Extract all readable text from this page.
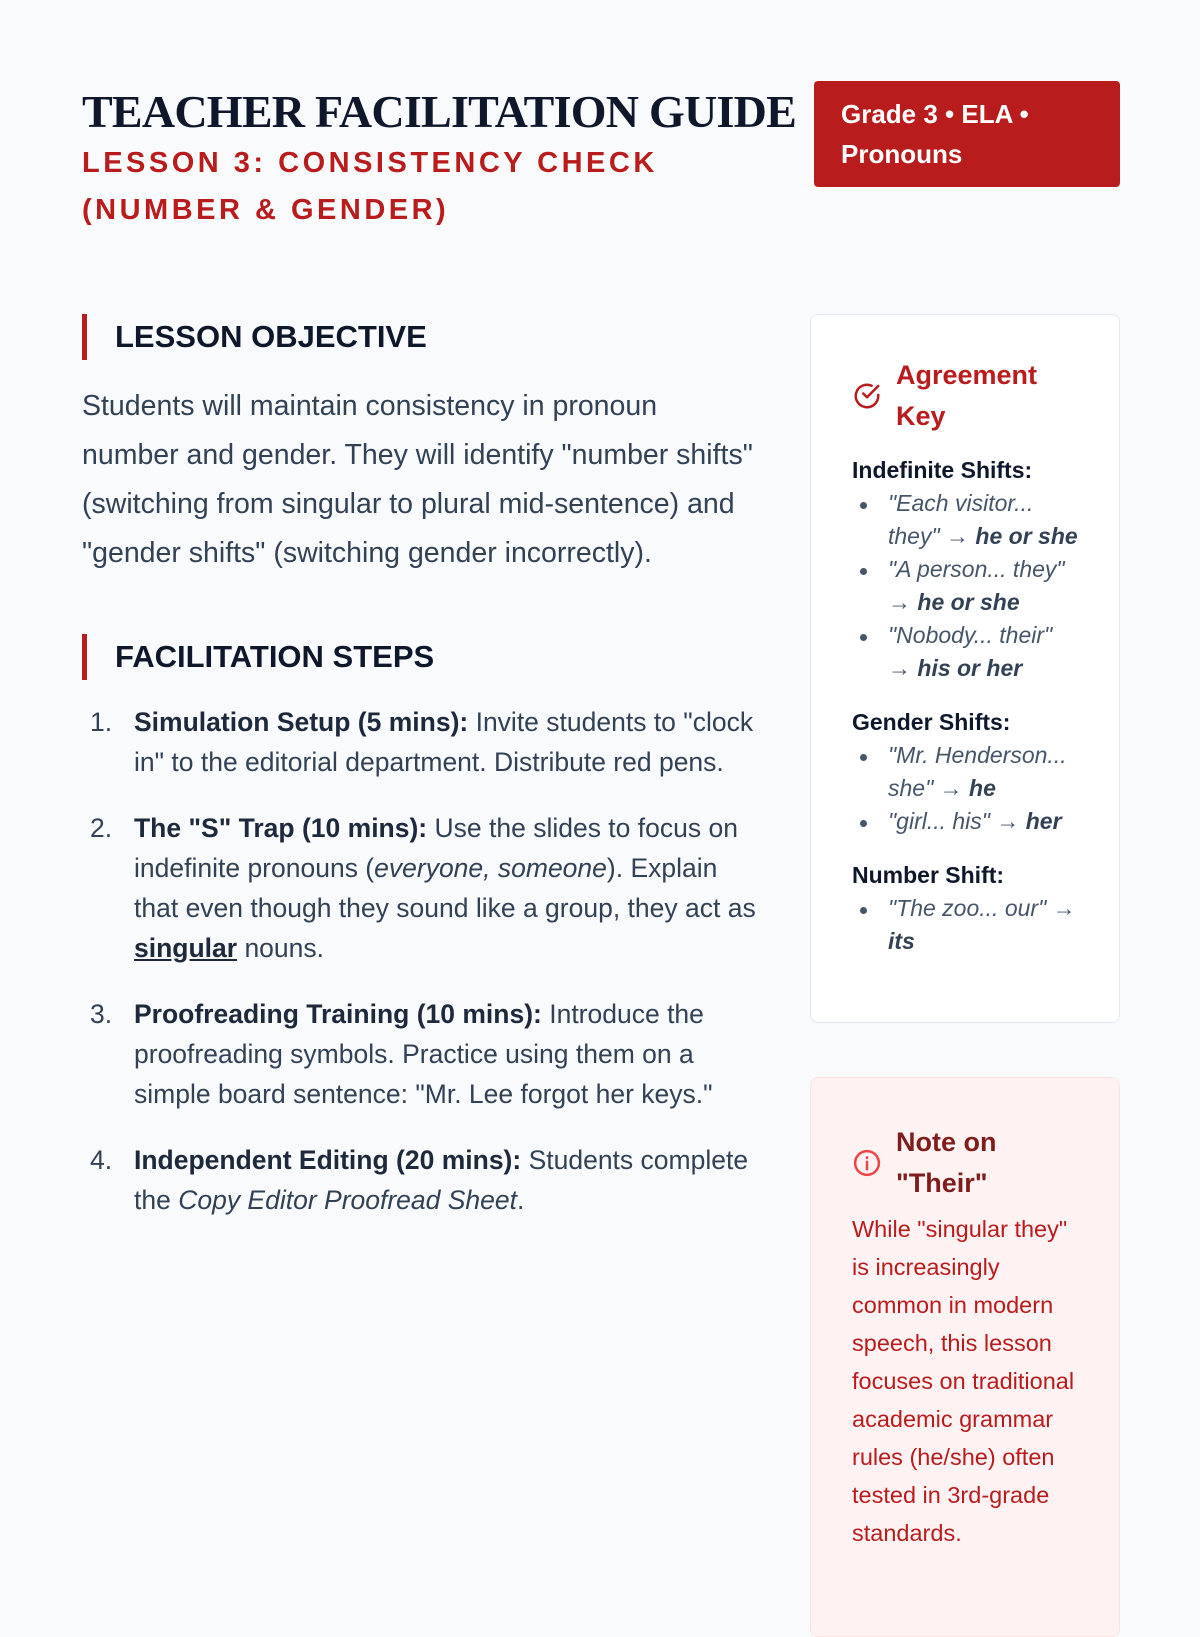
TEACHER FACILITATION GUIDE
LESSON 3: CONSISTENCY CHECK (NUMBER & GENDER)
Grade 3 • ELA • Pronouns
LESSON OBJECTIVE

Students will maintain consistency in pronoun number and gender. They will identify "number shifts" (switching from singular to plural mid-sentence) and "gender shifts" (switching gender incorrectly).

FACILITATION STEPS
1. Simulation Setup (5 mins): Invite students to "clock in" to the editorial department. Distribute red pens.
2. The "S" Trap (10 mins): Use the slides to focus on indefinite pronouns (everyone, someone). Explain that even though they sound like a group, they act as singular nouns.
3. Proofreading Training (10 mins): Introduce the proofreading symbols. Practice using them on a simple board sentence: "Mr. Lee forgot her keys."
4. Independent Editing (20 mins): Students complete the Copy Editor Proofread Sheet.
Agreement Key
Indefinite Shifts:
"Each visitor... they" → he or she
"A person... they" → he or she
"Nobody... their" → his or her
Gender Shifts:
"Mr. Henderson... she" → he
"girl... his" → her
Number Shift:
"The zoo... our" → its
Note on "Their"

While "singular they" is increasingly common in modern speech, this lesson focuses on traditional academic grammar rules (he/she) often tested in 3rd-grade standards.
